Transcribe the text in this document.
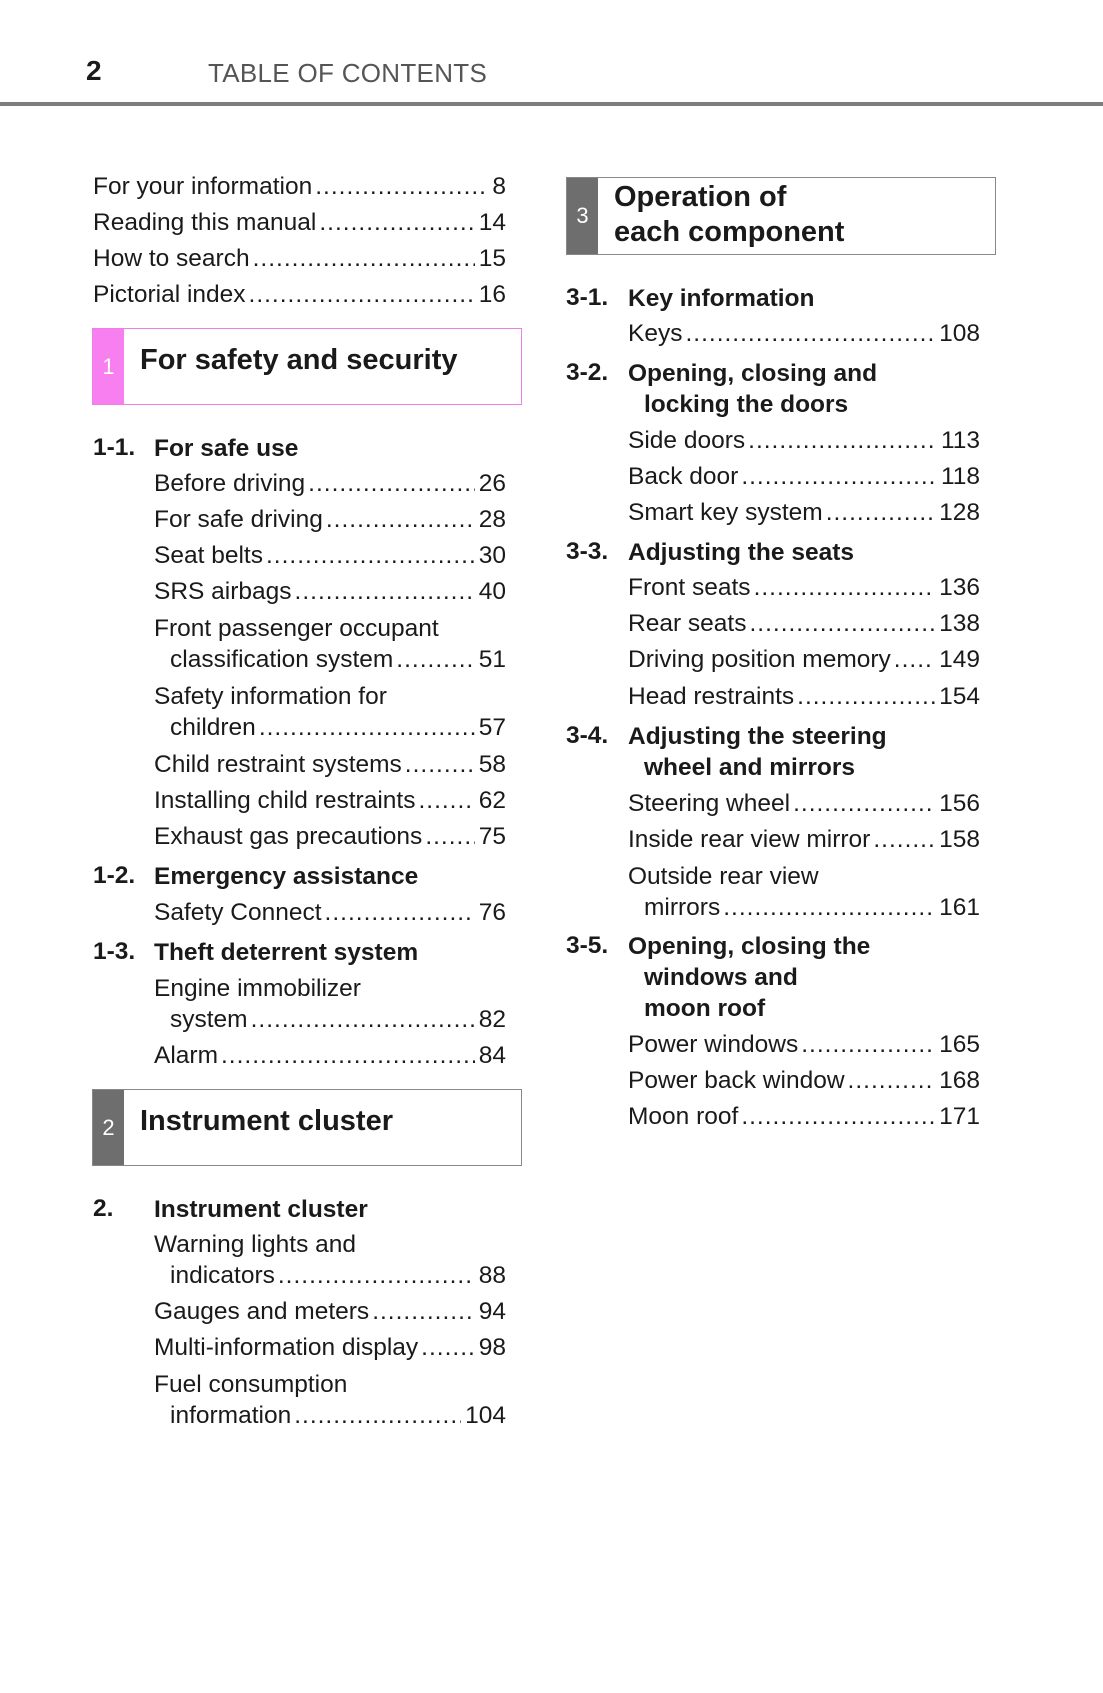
2	TABLE OF CONTENTS
For your information .....	8
Reading this manual .....	14
How to search .....	15
Pictorial index .....	16
1 For safety and security
1-1. For safe use
Before driving .....	26
For safe driving .....	28
Seat belts .....	30
SRS airbags .....	40
Front passenger occupant
classification system .....	51
Safety information for
children .....	57
Child restraint systems .....	58
Installing child restraints .....	62
Exhaust gas precautions ..... 75
1-2. Emergency assistance
Safety Connect .....	76
1-3. Theft deterrent system
Engine immobilizer
system .....	82
Alarm .....	84
2 Instrument cluster
2. Instrument cluster
Warning lights and
indicators .....	88
Gauges and meters .....	94
Multi-information display ..... 98
Fuel consumption
information .....	104
3
Operation of
each component
3-1. Key information
Keys .....	108
3-2. Opening, closing and
locking the doors
Side doors .....	113
Back door .....	118
Smart key system .....	128
3-3. Adjusting the seats
Front seats .....	136
Rear seats .....	138
Driving position memory ..... 149
Head restraints .....	154
3-4. Adjusting the steering
wheel and mirrors
Steering wheel .....	156
Inside rear view mirror .....	158
Outside rear view
mirrors .....	161
3-5. Opening, closing the
windows and
moon roof
Power windows .....	165
Power back window .....	168
Moon roof .....	171
